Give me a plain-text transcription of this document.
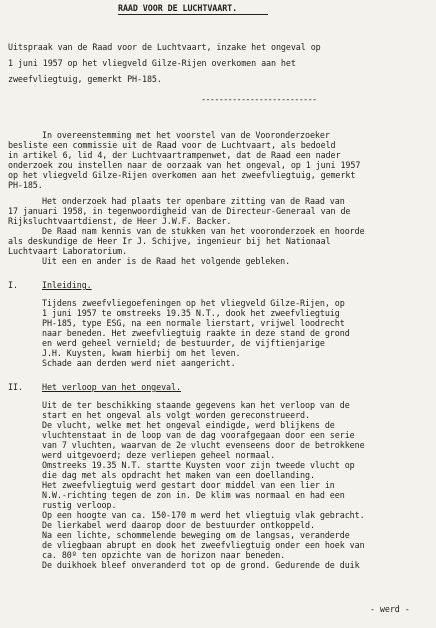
RAAD VOOR DE LUCHTVAART.
Uitspraak van de Raad voor de Luchtvaart, inzake het ongeval op
1 juni 1957 op het vliegveld Gilze-Rijen overkomen aan het
zweefvliegtuig, gemerkt PH-185.
--------------------------
In overeenstemming met het voorstel van de Vooronderzoeker
besliste een commissie uit de Raad voor de Luchtvaart, als bedoeld
in artikel 6, lid 4, der Luchtvaartrampenwet, dat de Raad een nader
onderzoek zou instellen naar de oorzaak van het ongeval, op 1 juni 1957
op het vliegveld Gilze-Rijen overkomen aan het zweefvliegtuig, gemerkt
PH-185.
Het onderzoek had plaats ter openbare zitting van de Raad van
17 januari 1958, in tegenwoordigheid van de Directeur-Generaal van de
Rijksluchtvaartdienst, de Heer J.W.F. Backer.
De Raad nam kennis van de stukken van het vooronderzoek en hoorde
als deskundige de Heer Ir J. Schijve, ingenieur bij het Nationaal
Luchtvaart Laboratorium.
Uit een en ander is de Raad het volgende gebleken.
I.	Inleiding.
Tijdens zweefvliegoefeningen op het vliegveld Gilze-Rijen, op
1 juni 1957 te omstreeks 19.35 N.T., dook het zweefvliegtuig
PH-185, type ESG, na een normale lierstart, vrijwel loodrecht
naar beneden. Het zweefvliegtuig raakte in deze stand de grond
en werd geheel vernield; de bestuurder, de vijftienjarige
J.H. Kuysten, kwam hierbij om het leven.
Schade aan derden werd niet aangericht.
II. Het verloop van het ongeval.
Uit de ter beschikking staande gegevens kan het verloop van de
start en het ongeval als volgt worden gereconstrueerd.
De vlucht, welke met het ongeval eindigde, werd blijkens de
vluchtenstaat in de loop van de dag voorafgegaan door een serie
van 7 vluchten, waarvan de 2e vlucht evenseens door de betrokkene
werd uitgevoerd; deze verliepen geheel normaal.
Omstreeks 19.35 N.T. startte Kuysten voor zijn tweede vlucht op
die dag met als opdracht het maken van een doellanding.
Het zweefvliegtuig werd gestart door middel van een lier in
N.W.-richting tegen de zon in. De klim was normaal en had een
rustig verloop.
Op een hoogte van ca. 150-170 m werd het vliegtuig vlak gebracht.
De lierkabel werd daarop door de bestuurder ontkoppeld.
Na een lichte, schommelende beweging om de langsas, veranderde
de vliegbaan abrupt en dook het zweefvliegtuig onder een hoek van
ca. 80º ten opzichte van de horizon naar beneden.
De duikhoek bleef onveranderd tot op de grond. Gedurende de duik
- werd -
